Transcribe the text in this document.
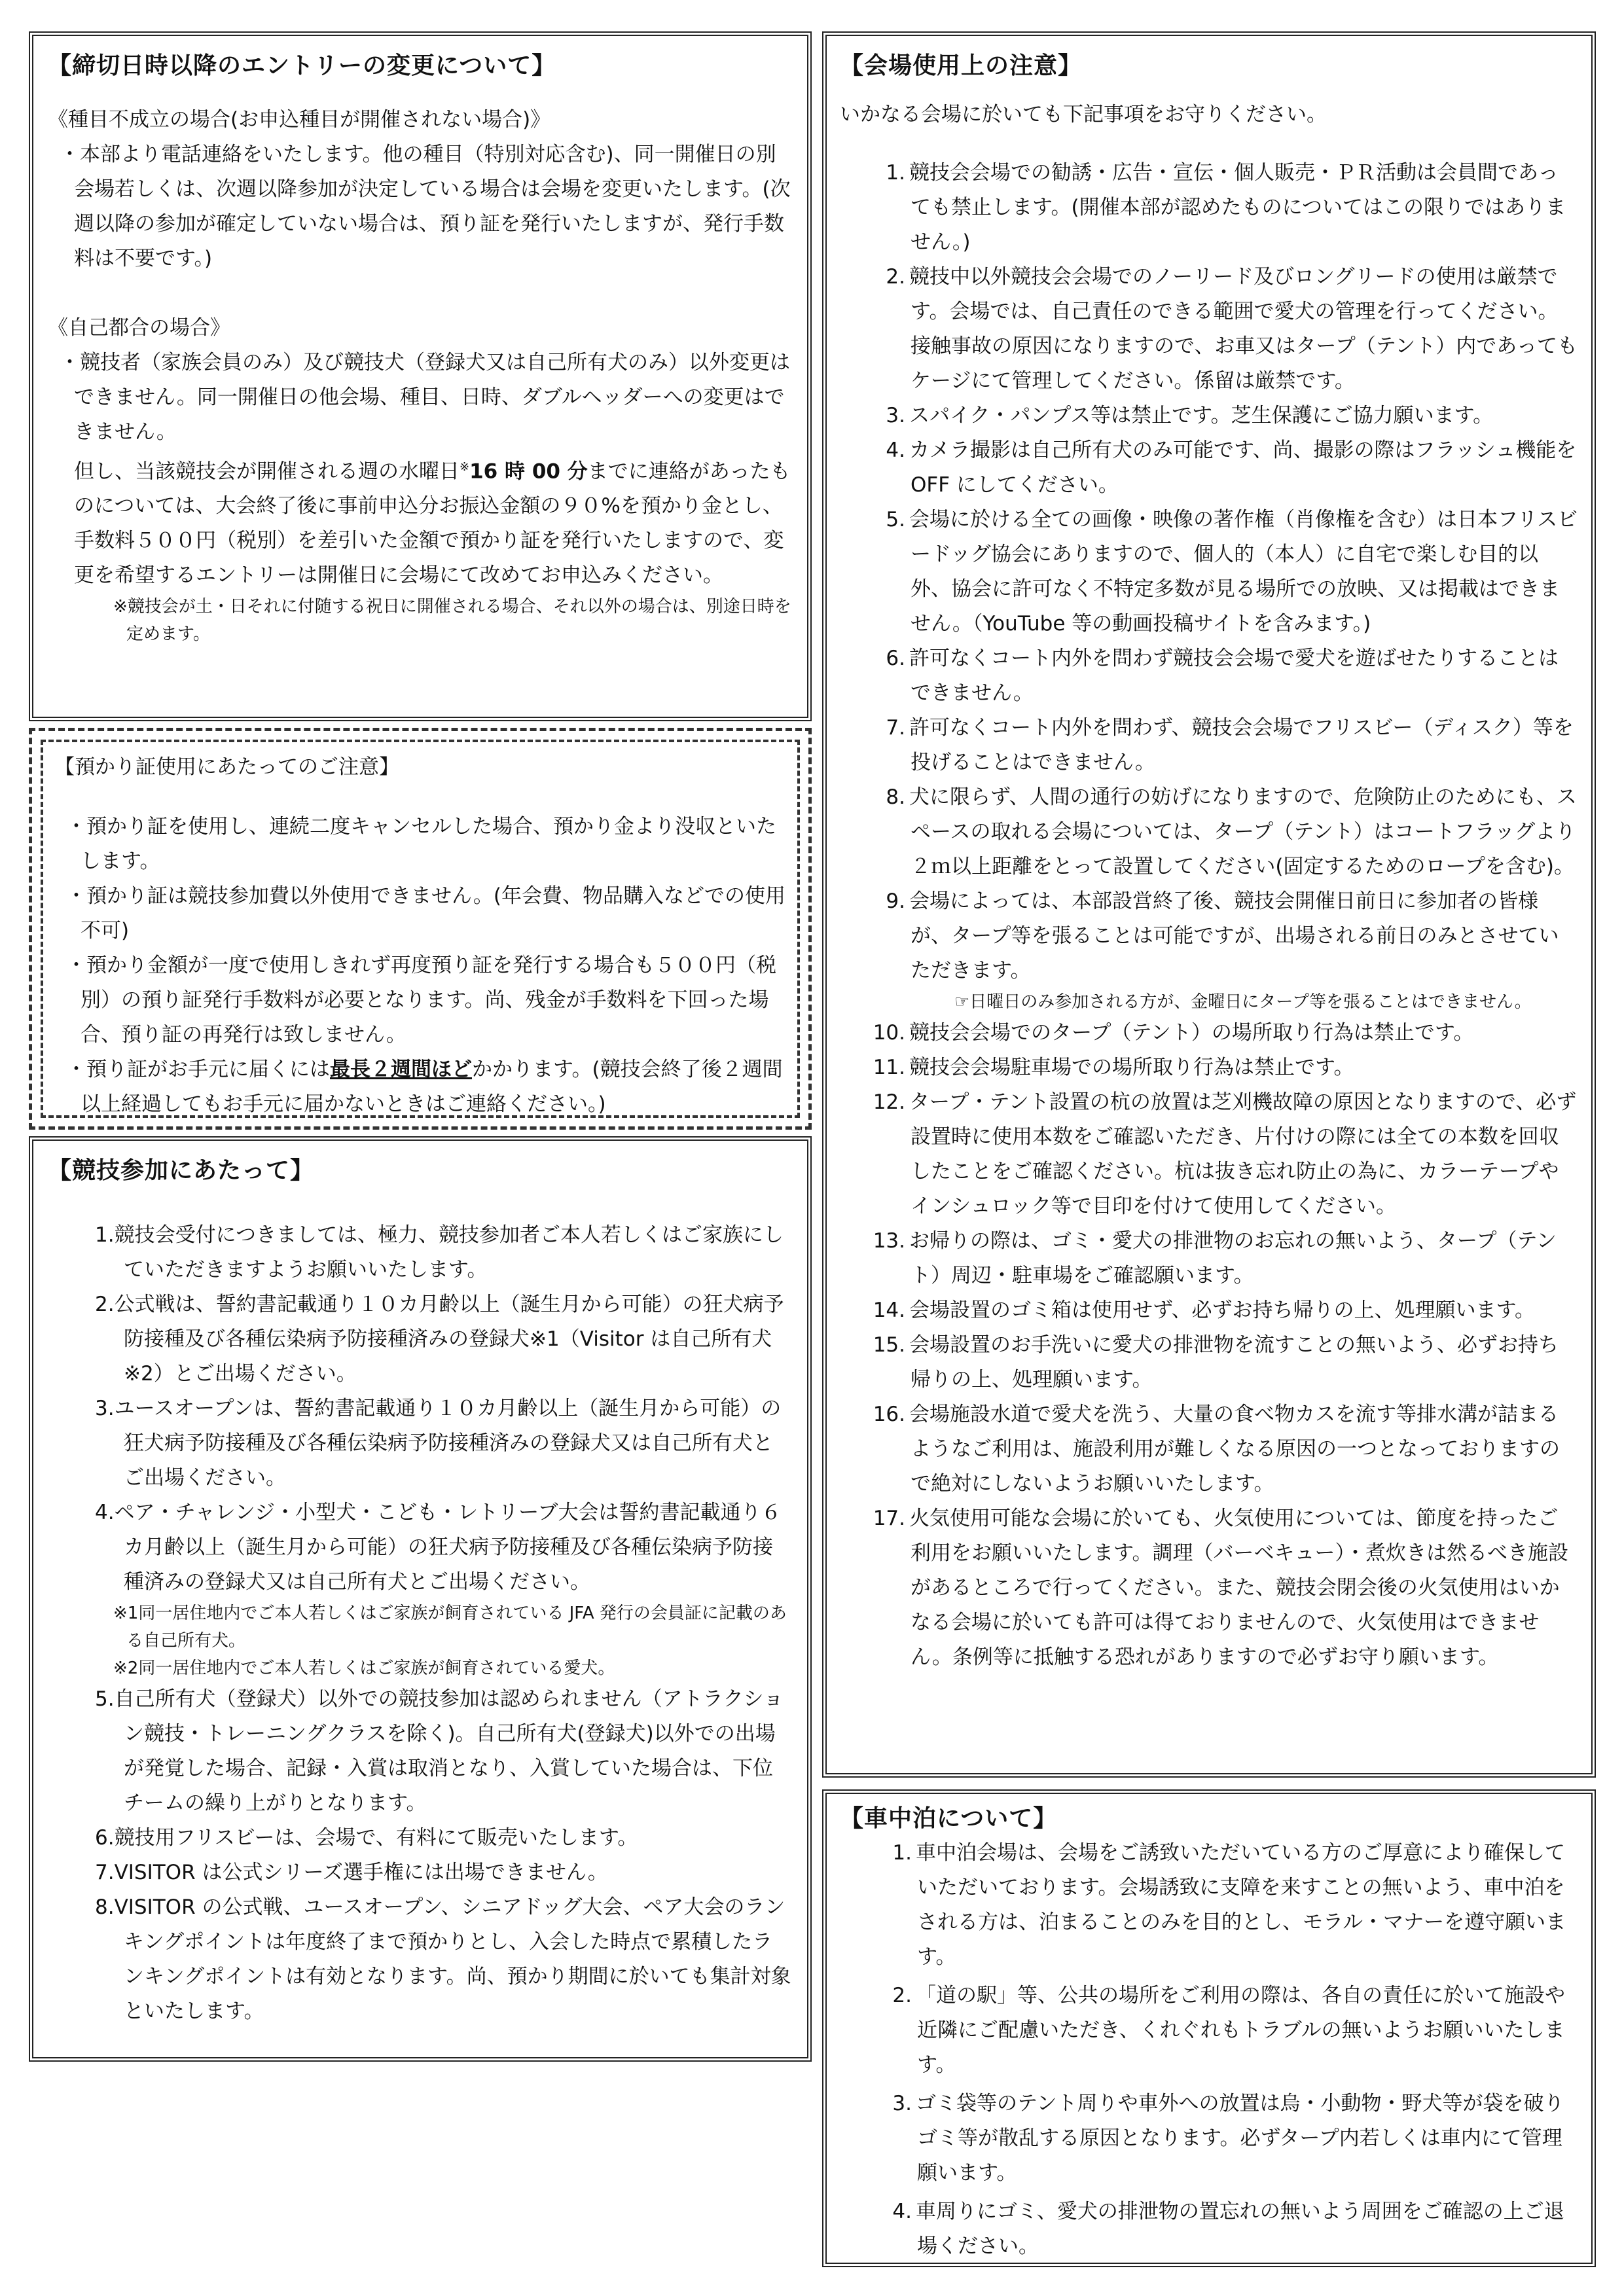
【締切日時以降のエントリーの変更について】

《種目不成立の場合(お申込種目が開催されない場合)》

・本部より電話連絡をいたします。他の種目（特別対応含む)、同一開催日の別会場若しくは、次週以降参加が決定している場合は会場を変更いたします。(次週以降の参加が確定していない場合は、預り証を発行いたしますが、発行手数料は不要です。)

《自己都合の場合》

・競技者（家族会員のみ）及び競技犬（登録犬又は自己所有犬のみ）以外変更はできません。同一開催日の他会場、種目、日時、ダブルヘッダーへの変更はできません。

但し、当該競技会が開催される週の水曜日※16 時 00 分までに連絡があったものについては、大会終了後に事前申込分お振込金額の９０%を預かり金とし、手数料５００円（税別）を差引いた金額で預かり証を発行いたしますので、変更を希望するエントリーは開催日に会場にて改めてお申込みください。

※競技会が土・日それに付随する祝日に開催される場合、それ以外の場合は、別途日時を定めます。

【預かり証使用にあたってのご注意】

・預かり証を使用し、連続二度キャンセルした場合、預かり金より没収といたします。

・預かり証は競技参加費以外使用できません。(年会費、物品購入などでの使用不可)

・預かり金額が一度で使用しきれず再度預り証を発行する場合も５００円（税別）の預り証発行手数料が必要となります。尚、残金が手数料を下回った場合、預り証の再発行は致しません。

・預り証がお手元に届くには最長２週間ほどかかります。(競技会終了後２週間以上経過してもお手元に届かないときはご連絡ください。)

【競技参加にあたって】
1.競技会受付につきましては、極力、競技参加者ご本人若しくはご家族にしていただきますようお願いいたします。
2.公式戦は、誓約書記載通り１０カ月齢以上（誕生月から可能）の狂犬病予防接種及び各種伝染病予防接種済みの登録犬※1（Visitor は自己所有犬※2）とご出場ください。
3.ユースオープンは、誓約書記載通り１０カ月齢以上（誕生月から可能）の狂犬病予防接種及び各種伝染病予防接種済みの登録犬又は自己所有犬とご出場ください。
4.ペア・チャレンジ・小型犬・こども・レトリーブ大会は誓約書記載通り６カ月齢以上（誕生月から可能）の狂犬病予防接種及び各種伝染病予防接種済みの登録犬又は自己所有犬とご出場ください。

※1同一居住地内でご本人若しくはご家族が飼育されている JFA 発行の会員証に記載のある自己所有犬。

※2同一居住地内でご本人若しくはご家族が飼育されている愛犬。

5.自己所有犬（登録犬）以外での競技参加は認められません（アトラクション競技・トレーニングクラスを除く)。自己所有犬(登録犬)以外での出場が発覚した場合、記録・入賞は取消となり、入賞していた場合は、下位チームの繰り上がりとなります。
6.競技用フリスビーは、会場で、有料にて販売いたします。
7.VISITOR は公式シリーズ選手権には出場できません。
8.VISITOR の公式戦、ユースオープン、シニアドッグ大会、ペア大会のランキングポイントは年度終了まで預かりとし、入会した時点で累積したランキングポイントは有効となります。尚、預かり期間に於いても集計対象といたします。
【会場使用上の注意】

いかなる会場に於いても下記事項をお守りください。

1. 競技会会場での勧誘・広告・宣伝・個人販売・ＰＲ活動は会員間であっても禁止します。(開催本部が認めたものについてはこの限りではありません。)
2. 競技中以外競技会会場でのノーリード及びロングリードの使用は厳禁です。会場では、自己責任のできる範囲で愛犬の管理を行ってください。接触事故の原因になりますので、お車又はタープ（テント）内であってもケージにて管理してください。係留は厳禁です。
3. スパイク・パンプス等は禁止です。芝生保護にご協力願います。
4. カメラ撮影は自己所有犬のみ可能です、尚、撮影の際はフラッシュ機能を OFF にしてください。
5. 会場に於ける全ての画像・映像の著作権（肖像権を含む）は日本フリスビードッグ協会にありますので、個人的（本人）に自宅で楽しむ目的以外、協会に許可なく不特定多数が見る場所での放映、又は掲載はできません。（YouTube 等の動画投稿サイトを含みます。)
6. 許可なくコート内外を問わず競技会会場で愛犬を遊ばせたりすることはできません。
7. 許可なくコート内外を問わず、競技会会場でフリスビー（ディスク）等を投げることはできません。
8. 犬に限らず、人間の通行の妨げになりますので、危険防止のためにも、スペースの取れる会場については、タープ（テント）はコートフラッグより２ｍ以上距離をとって設置してください(固定するためのロープを含む)。
9. 会場によっては、本部設営終了後、競技会開催日前日に参加者の皆様が、タープ等を張ることは可能ですが、出場される前日のみとさせていただきます。

☞日曜日のみ参加される方が、金曜日にタープ等を張ることはできません。

10. 競技会会場でのタープ（テント）の場所取り行為は禁止です。
11. 競技会会場駐車場での場所取り行為は禁止です。
12. タープ・テント設置の杭の放置は芝刈機故障の原因となりますので、必ず設置時に使用本数をご確認いただき、片付けの際には全ての本数を回収したことをご確認ください。杭は抜き忘れ防止の為に、カラーテープやインシュロック等で目印を付けて使用してください。
13. お帰りの際は、ゴミ・愛犬の排泄物のお忘れの無いよう、タープ（テント）周辺・駐車場をご確認願います。
14. 会場設置のゴミ箱は使用せず、必ずお持ち帰りの上、処理願います。
15. 会場設置のお手洗いに愛犬の排泄物を流すことの無いよう、必ずお持ち帰りの上、処理願います。
16. 会場施設水道で愛犬を洗う、大量の食べ物カスを流す等排水溝が詰まるようなご利用は、施設利用が難しくなる原因の一つとなっておりますので絶対にしないようお願いいたします。
17. 火気使用可能な会場に於いても、火気使用については、節度を持ったご利用をお願いいたします。調理（バーベキュー）・煮炊きは然るべき施設があるところで行ってください。また、競技会閉会後の火気使用はいかなる会場に於いても許可は得ておりませんので、火気使用はできません。条例等に抵触する恐れがありますので必ずお守り願います。
【車中泊について】
1. 車中泊会場は、会場をご誘致いただいている方のご厚意により確保していただいております。会場誘致に支障を来すことの無いよう、車中泊をされる方は、泊まることのみを目的とし、モラル・マナーを遵守願います。
2. 「道の駅」等、公共の場所をご利用の際は、各自の責任に於いて施設や近隣にご配慮いただき、くれぐれもトラブルの無いようお願いいたします。
3. ゴミ袋等のテント周りや車外への放置は烏・小動物・野犬等が袋を破りゴミ等が散乱する原因となります。必ずタープ内若しくは車内にて管理願います。
4. 車周りにゴミ、愛犬の排泄物の置忘れの無いよう周囲をご確認の上ご退場ください。
